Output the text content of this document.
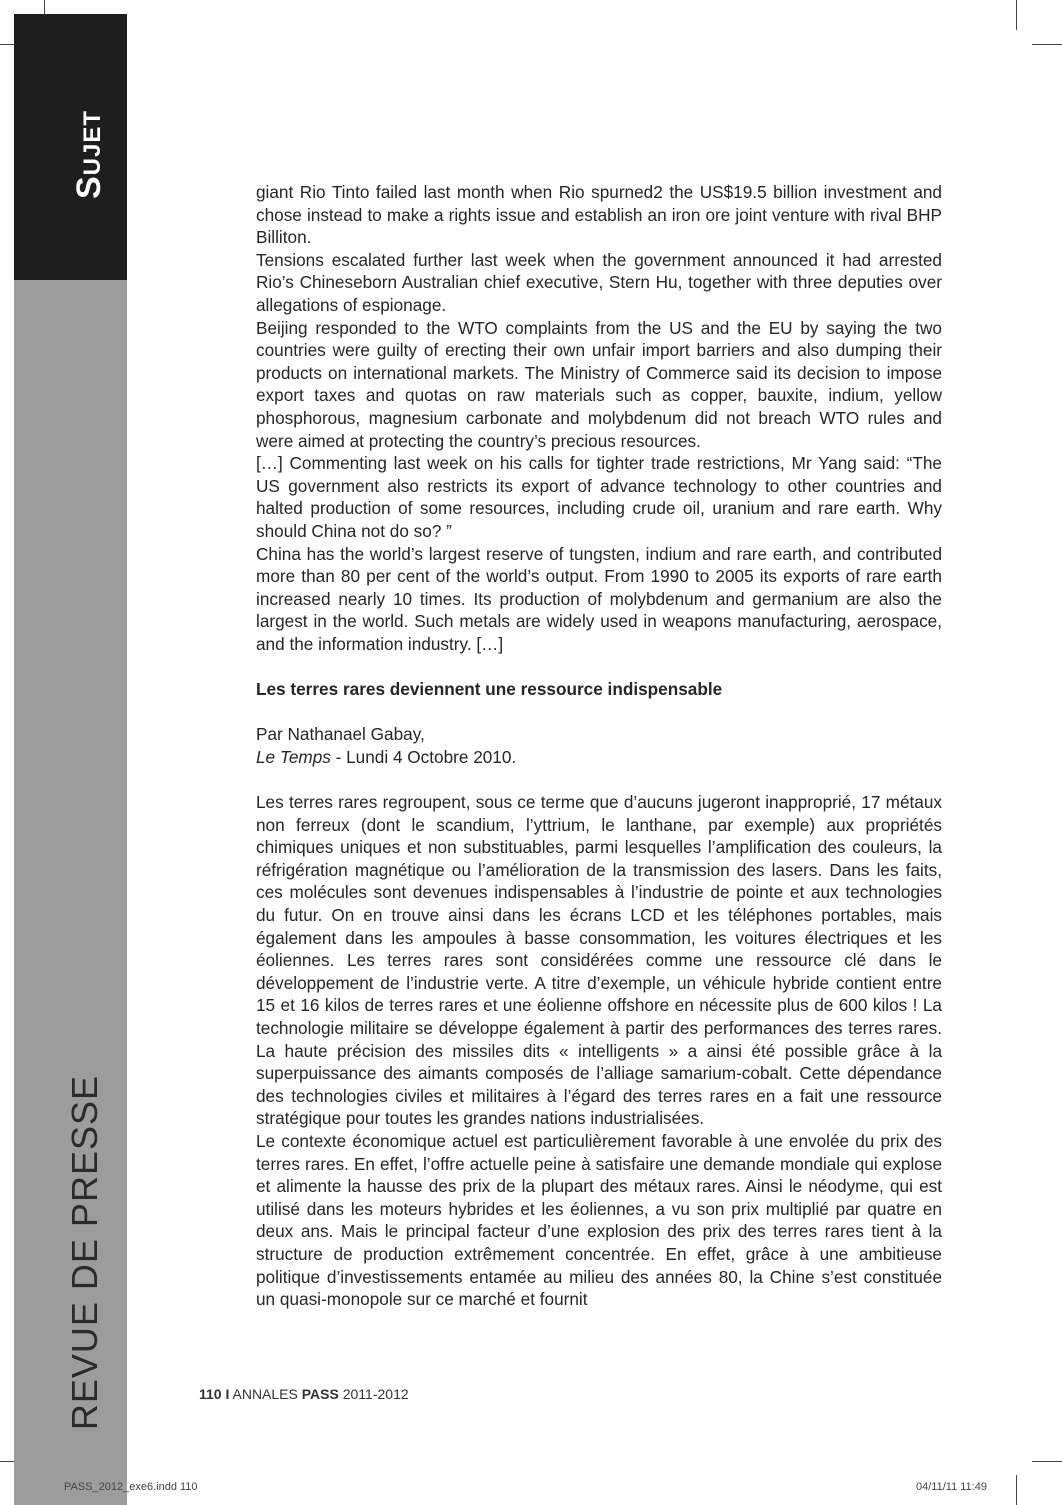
Sujet
REVUE DE PRESSE

giant Rio Tinto failed last month when Rio spurned2 the US$19.5 billion investment and chose instead to make a rights issue and establish an iron ore joint venture with rival BHP Billiton.

Tensions escalated further last week when the government announced it had arrested Rio’s Chineseborn Australian chief executive, Stern Hu, together with three deputies over allegations of espionage.

Beijing responded to the WTO complaints from the US and the EU by saying the two countries were guilty of erecting their own unfair import barriers and also dumping their products on international markets. The Ministry of Commerce said its decision to impose export taxes and quotas on raw materials such as copper, bauxite, indium, yellow phosphorous, magnesium carbonate and molybdenum did not breach WTO rules and were aimed at protecting the country’s precious resources.

[…] Commenting last week on his calls for tighter trade restrictions, Mr Yang said: “The US government also restricts its export of advance technology to other countries and halted production of some resources, including crude oil, uranium and rare earth. Why should China not do so? ”

China has the world’s largest reserve of tungsten, indium and rare earth, and contributed more than 80 per cent of the world’s output. From 1990 to 2005 its exports of rare earth increased nearly 10 times. Its production of molybdenum and germanium are also the largest in the world. Such metals are widely used in weapons manufacturing, aerospace, and the information industry. […]

Les terres rares deviennent une ressource indispensable

Par Nathanael Gabay,

Le Temps - Lundi 4 Octobre 2010.

Les terres rares regroupent, sous ce terme que d’aucuns jugeront inapproprié, 17 métaux non ferreux (dont le scandium, l’yttrium, le lanthane, par exemple) aux propriétés chimiques uniques et non substituables, parmi lesquelles l’amplification des couleurs, la réfrigération magnétique ou l’amélioration de la transmission des lasers. Dans les faits, ces molécules sont devenues indispensables à l’industrie de pointe et aux technologies du futur. On en trouve ainsi dans les écrans LCD et les téléphones portables, mais également dans les ampoules à basse consommation, les voitures électriques et les éoliennes. Les terres rares sont considérées comme une ressource clé dans le développement de l’industrie verte. A titre d’exemple, un véhicule hybride contient entre 15 et 16 kilos de terres rares et une éolienne offshore en nécessite plus de 600 kilos ! La technologie militaire se développe également à partir des performances des terres rares. La haute précision des missiles dits « intelligents » a ainsi été possible grâce à la superpuissance des aimants composés de l’alliage samarium-cobalt. Cette dépendance des technologies civiles et militaires à l’égard des terres rares en a fait une ressource stratégique pour toutes les grandes nations industrialisées.

Le contexte économique actuel est particulièrement favorable à une envolée du prix des terres rares. En effet, l’offre actuelle peine à satisfaire une demande mondiale qui explose et alimente la hausse des prix de la plupart des métaux rares. Ainsi le néodyme, qui est utilisé dans les moteurs hybrides et les éoliennes, a vu son prix multiplié par quatre en deux ans. Mais le principal facteur d’une explosion des prix des terres rares tient à la structure de production extrêmement concentrée. En effet, grâce à une ambitieuse politique d’investissements entamée au milieu des années 80, la Chine s’est constituée un quasi-monopole sur ce marché et fournit

110 I ANNALES PASS 2011-2012
PASS_2012_exe6.indd 110	04/11/11 11:49
